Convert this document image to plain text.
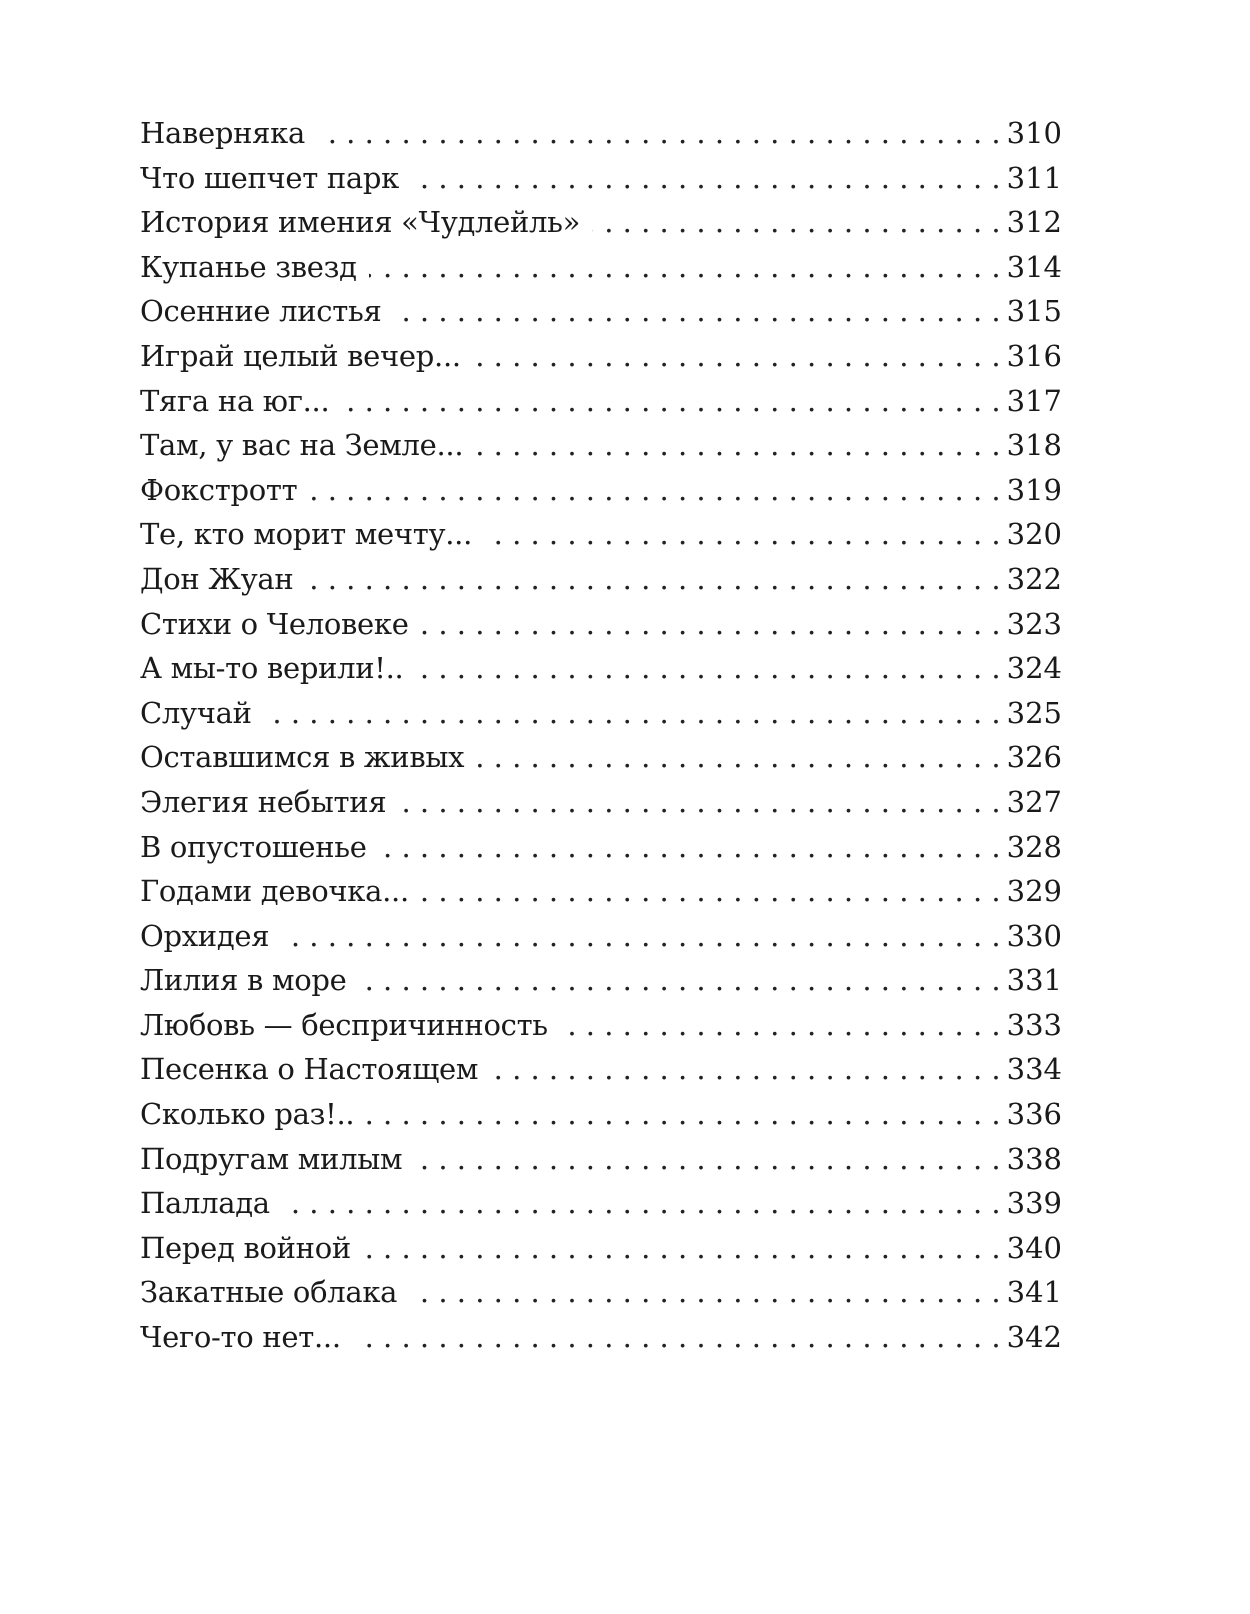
Наверняка . . .	310
Что шепчет парк . . .	311
История имения «Чудлейль» . . .	312
Купанье звезд . . .	314
Осенние листья . . .	315
Играй целый вечер... . . .	316
Тяга на юг... . . .	317
Там, у вас на Земле... . . .	318
Фокстротт . . .	319
Те, кто морит мечту... . . .	320
Дон Жуан . . .	322
Стихи о Человеке . . .	323
А мы-то верили!.. . . .	324
Случай . . .	325
Оставшимся в живых . . .	326
Элегия небытия . . .	327
В опустошенье . . .	328
Годами девочка... . . .	329
Орхидея . . .	330
Лилия в море . . .	331
Любовь — беспричинность . . .	333
Песенка о Настоящем . . .	334
Сколько раз!.. . . .	336
Подругам милым . . .	338
Паллада . . .	339
Перед войной . . .	340
Закатные облака . . .	341
Чего-то нет... . . .	342
